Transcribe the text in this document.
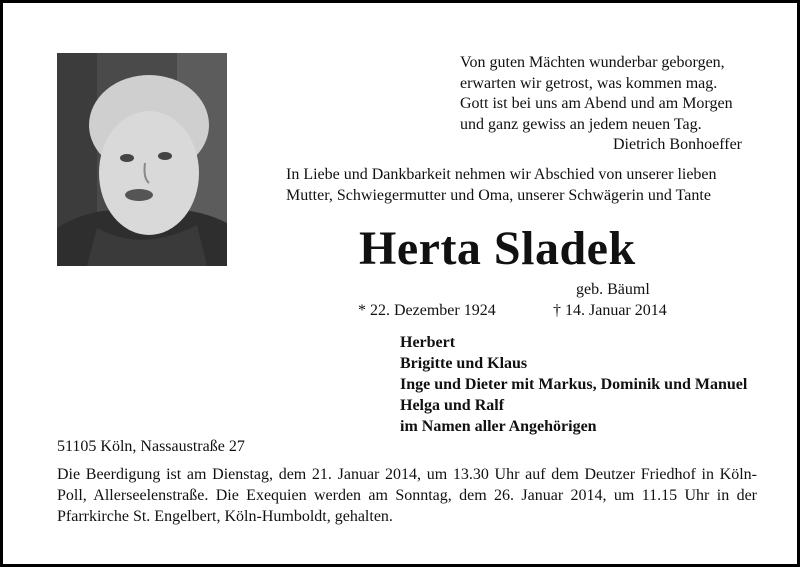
Von guten Mächten wunderbar geborgen,
erwarten wir getrost, was kommen mag.
Gott ist bei uns am Abend und am Morgen
und ganz gewiss an jedem neuen Tag.
Dietrich Bonhoeffer
In Liebe und Dankbarkeit nehmen wir Abschied von unserer lieben
Mutter, Schwiegermutter und Oma, unserer Schwägerin und Tante
Herta Sladek
geb. Bäuml
* 22. Dezember 1924	† 14. Januar 2014
Herbert
Brigitte und Klaus
Inge und Dieter mit Markus, Dominik und Manuel
Helga und Ralf
im Namen aller Angehörigen
51105 Köln, Nassaustraße 27
Die Beerdigung ist am Dienstag, dem 21. Januar 2014, um 13.30 Uhr auf dem Deutzer Friedhof in Köln-
Poll, Allerseelenstraße. Die Exequien werden am Sonntag, dem 26. Januar 2014, um 11.15 Uhr in der
Pfarrkirche St. Engelbert, Köln-Humboldt, gehalten.
